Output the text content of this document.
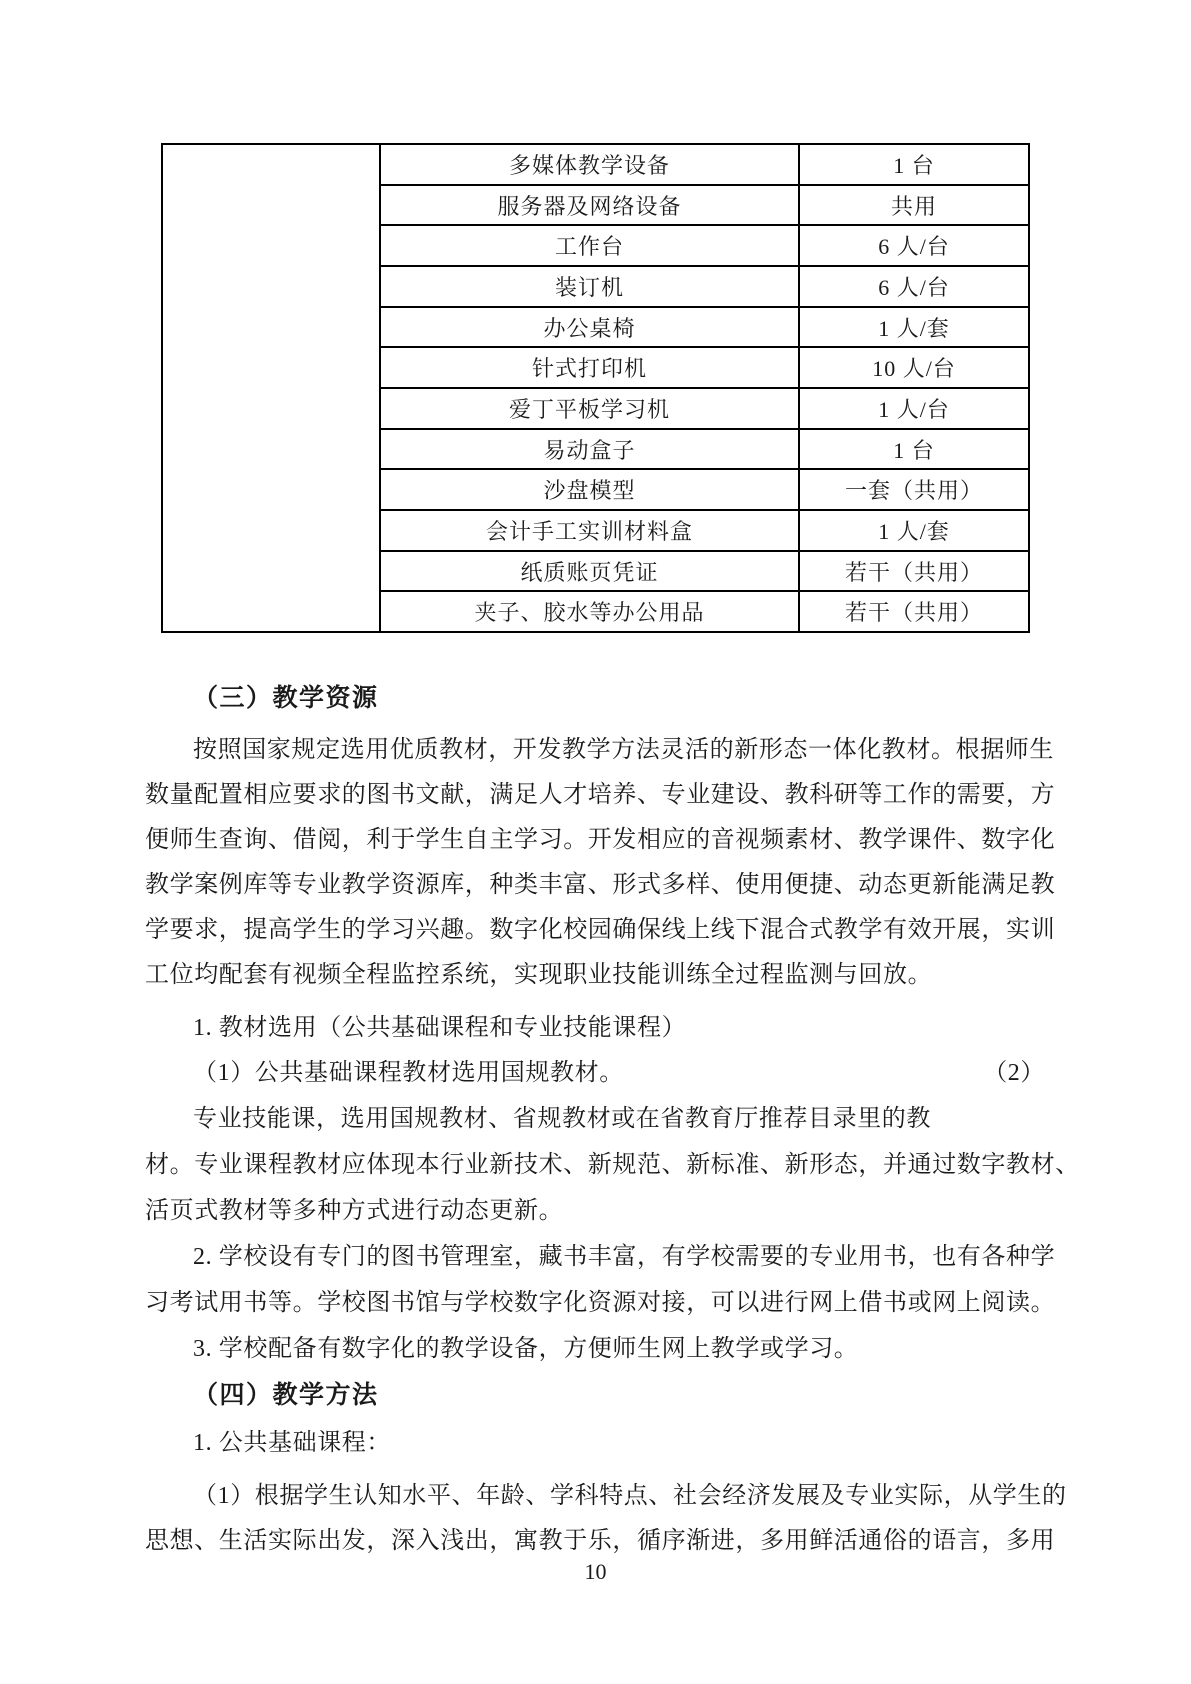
多媒体教学设备	1 台
服务器及网络设备	共用
工作台	6 人/台
装订机	6 人/台
办公桌椅	1 人/套
针式打印机	10 人/台
爱丁平板学习机	1 人/台
易动盒子	1 台
沙盘模型	一套（共用）
会计手工实训材料盒	1 人/套
纸质账页凭证	若干（共用）
夹子、胶水等办公用品	若干（共用）
（三）教学资源
按照国家规定选用优质教材，开发教学方法灵活的新形态一体化教材。根据师生
数量配置相应要求的图书文献，满足人才培养、专业建设、教科研等工作的需要，方
便师生查询、借阅，利于学生自主学习。开发相应的音视频素材、教学课件、数字化
教学案例库等专业教学资源库，种类丰富、形式多样、使用便捷、动态更新能满足教
学要求，提高学生的学习兴趣。数字化校园确保线上线下混合式教学有效开展，实训
工位均配套有视频全程监控系统，实现职业技能训练全过程监测与回放。
1. 教材选用（公共基础课程和专业技能课程）
（1）公共基础课程教材选用国规教材。	（2）
专业技能课，选用国规教材、省规教材或在省教育厅推荐目录里的教
材。专业课程教材应体现本行业新技术、新规范、新标准、新形态，并通过数字教材、
活页式教材等多种方式进行动态更新。
2. 学校设有专门的图书管理室，藏书丰富，有学校需要的专业用书，也有各种学
习考试用书等。学校图书馆与学校数字化资源对接，可以进行网上借书或网上阅读。
3. 学校配备有数字化的教学设备，方便师生网上教学或学习。
（四）教学方法
1. 公共基础课程：
（1）根据学生认知水平、年龄、学科特点、社会经济发展及专业实际，从学生的
思想、生活实际出发，深入浅出，寓教于乐，循序渐进，多用鲜活通俗的语言，多用
10
